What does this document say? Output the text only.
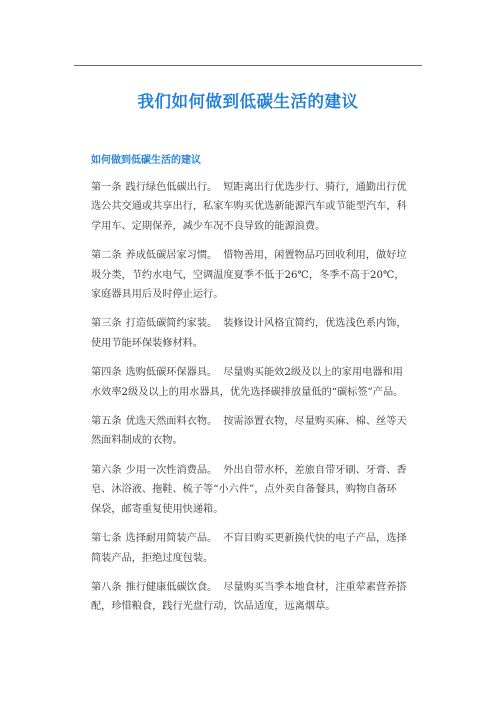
我们如何做到低碳生活的建议

如何做到低碳生活的建议

第一条 践行绿色低碳出行。 短距离出行优选步行、骑行，通勤出行优选公共交通或共享出行，私家车购买优选新能源汽车或节能型汽车，科学用车、定期保养，减少车况不良导致的能源浪费。

第二条 养成低碳居家习惯。 惜物善用，闲置物品巧回收利用，做好垃圾分类，节约水电气，空调温度夏季不低于26℃，冬季不高于20℃，家庭器具用后及时停止运行。

第三条 打造低碳简约家装。 装修设计风格宜简约，优选浅色系内饰，使用节能环保装修材料。

第四条 选购低碳环保器具。 尽量购买能效2级及以上的家用电器和用水效率2级及以上的用水器具，优先选择碳排放量低的“碳标签”产品。

第五条 优选天然面料衣物。 按需添置衣物，尽量购买麻、棉、丝等天然面料制成的衣物。

第六条 少用一次性消费品。 外出自带水杯，差旅自带牙刷、牙膏、香皂、沐浴液、拖鞋、梳子等“小六件”，点外卖自备餐具，购物自备环保袋，邮寄重复使用快递箱。

第七条 选择耐用简装产品。 不盲目购买更新换代快的电子产品，选择简装产品，拒绝过度包装。

第八条 推行健康低碳饮食。 尽量购买当季本地食材，注重荤素营养搭配，珍惜粮食，践行光盘行动，饮品适度，远离烟草。
